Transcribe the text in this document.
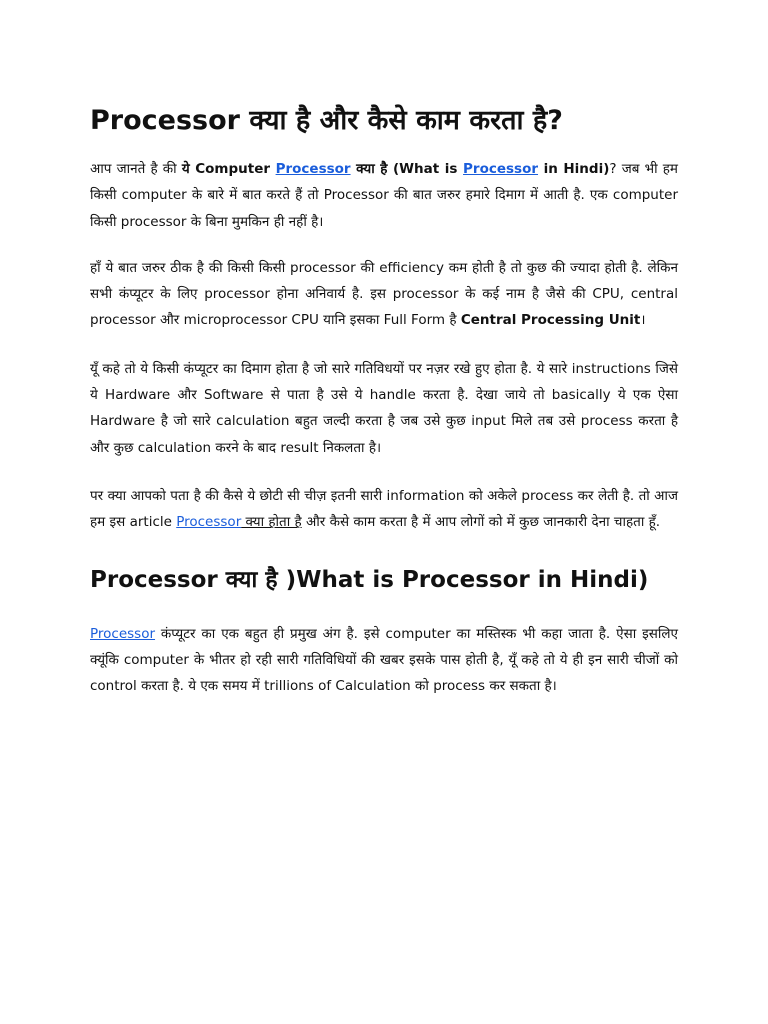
Processor क्या है और कैसे काम करता है?

आप जानते है की ये Computer Processor क्या है (What is Processor in Hindi)? जब भी हम किसी computer के बारे में बात करते हैं तो Processor की बात जरुर हमारे दिमाग में आती है. एक computer किसी processor के बिना मुमकिन ही नहीं है।

हाँ ये बात जरुर ठीक है की किसी किसी processor की efficiency कम होती है तो कुछ की ज्यादा होती है. लेकिन सभी कंप्यूटर के लिए processor होना अनिवार्य है. इस processor के कई नाम है जैसे की CPU, central processor और microprocessor CPU यानि इसका Full Form है Central Processing Unit।

यूँ कहे तो ये किसी कंप्यूटर का दिमाग होता है जो सारे गतिविधयों पर नज़र रखे हुए होता है. ये सारे instructions जिसे ये Hardware और Software से पाता है उसे ये handle करता है. देखा जाये तो basically ये एक ऐसा Hardware है जो सारे calculation बहुत जल्दी करता है जब उसे कुछ input मिले तब उसे process करता है और कुछ calculation करने के बाद result निकलता है।

पर क्या आपको पता है की कैसे ये छोटी सी चीज़ इतनी सारी information को अकेले process कर लेती है. तो आज हम इस article Processor क्या होता है और कैसे काम करता है में आप लोगों को में कुछ जानकारी देना चाहता हूँ.

Processor क्या है )What is Processor in Hindi)

Processor कंप्यूटर का एक बहुत ही प्रमुख अंग है. इसे computer का मस्तिस्क भी कहा जाता है. ऐसा इसलिए क्यूंकि computer के भीतर हो रही सारी गतिविधियों की खबर इसके पास होती है, यूँ कहे तो ये ही इन सारी चीजों को control करता है. ये एक समय में trillions of Calculation को process कर सकता है।
